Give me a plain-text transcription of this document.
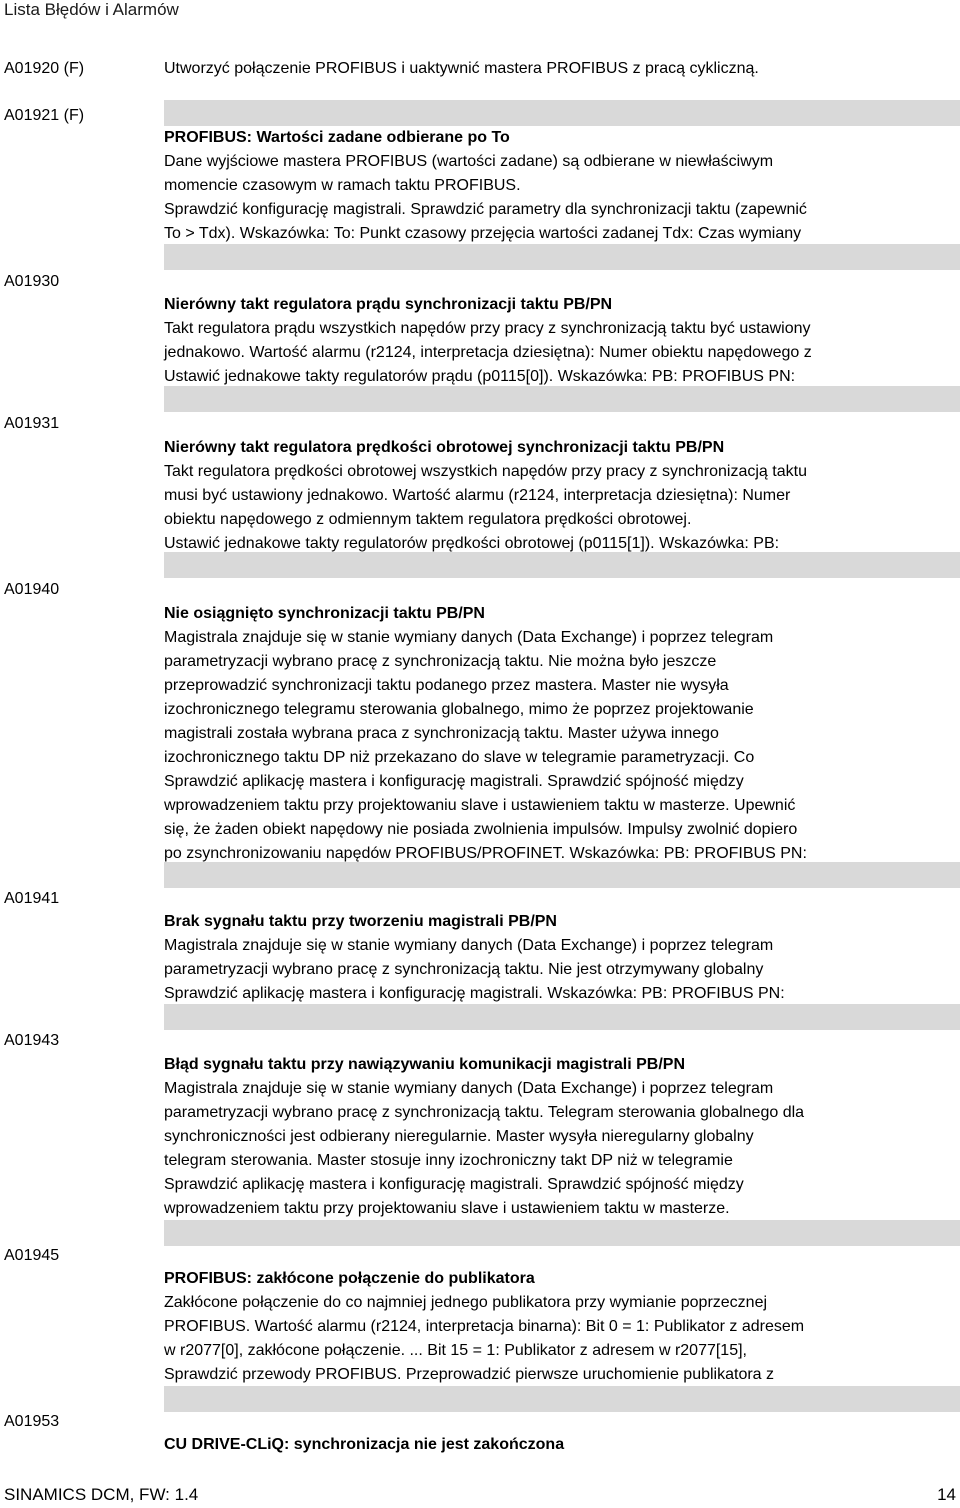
Lista Błędów i Alarmów
A01920 (F)	Utworzyć połączenie PROFIBUS i uaktywnić mastera PROFIBUS z pracą cykliczną.
A01921 (F)
PROFIBUS: Wartości zadane odbierane po To
Dane wyjściowe mastera PROFIBUS (wartości zadane) są odbierane w niewłaściwym
momencie czasowym w ramach taktu PROFIBUS.
Sprawdzić konfigurację magistrali. Sprawdzić parametry dla synchronizacji taktu (zapewnić
To > Tdx). Wskazówka: To: Punkt czasowy przejęcia wartości zadanej Tdx: Czas wymiany
A01930
Nierówny takt regulatora prądu synchronizacji taktu PB/PN
Takt regulatora prądu wszystkich napędów przy pracy z synchronizacją taktu być ustawiony
jednakowo. Wartość alarmu (r2124, interpretacja dziesiętna): Numer obiektu napędowego z
Ustawić jednakowe takty regulatorów prądu (p0115[0]). Wskazówka: PB: PROFIBUS PN:
A01931
Nierówny takt regulatora prędkości obrotowej synchronizacji taktu PB/PN
Takt regulatora prędkości obrotowej wszystkich napędów przy pracy z synchronizacją taktu
musi być ustawiony jednakowo. Wartość alarmu (r2124, interpretacja dziesiętna): Numer
obiektu napędowego z odmiennym taktem regulatora prędkości obrotowej.
Ustawić jednakowe takty regulatorów prędkości obrotowej (p0115[1]). Wskazówka: PB:
A01940
Nie osiągnięto synchronizacji taktu PB/PN
Magistrala znajduje się w stanie wymiany danych (Data Exchange) i poprzez telegram
parametryzacji wybrano pracę z synchronizacją taktu. Nie można było jeszcze
przeprowadzić synchronizacji taktu podanego przez mastera. Master nie wysyła
izochronicznego telegramu sterowania globalnego, mimo że poprzez projektowanie
magistrali została wybrana praca z synchronizacją taktu. Master używa innego
izochronicznego taktu DP niż przekazano do slave w telegramie parametryzacji. Co
Sprawdzić aplikację mastera i konfigurację magistrali. Sprawdzić spójność między
wprowadzeniem taktu przy projektowaniu slave i ustawieniem taktu w masterze. Upewnić
się, że żaden obiekt napędowy nie posiada zwolnienia impulsów. Impulsy zwolnić dopiero
po zsynchronizowaniu napędów PROFIBUS/PROFINET. Wskazówka: PB: PROFIBUS PN:
A01941
Brak sygnału taktu przy tworzeniu magistrali PB/PN
Magistrala znajduje się w stanie wymiany danych (Data Exchange) i poprzez telegram
parametryzacji wybrano pracę z synchronizacją taktu. Nie jest otrzymywany globalny
Sprawdzić aplikację mastera i konfigurację magistrali. Wskazówka: PB: PROFIBUS PN:
A01943
Błąd sygnału taktu przy nawiązywaniu komunikacji magistrali PB/PN
Magistrala znajduje się w stanie wymiany danych (Data Exchange) i poprzez telegram
parametryzacji wybrano pracę z synchronizacją taktu. Telegram sterowania globalnego dla
synchroniczności jest odbierany nieregularnie. Master wysyła nieregularny globalny
telegram sterowania. Master stosuje inny izochroniczny takt DP niż w telegramie
Sprawdzić aplikację mastera i konfigurację magistrali. Sprawdzić spójność między
wprowadzeniem taktu przy projektowaniu slave i ustawieniem taktu w masterze.
A01945
PROFIBUS: zakłócone połączenie do publikatora
Zakłócone połączenie do co najmniej jednego publikatora przy wymianie poprzecznej
PROFIBUS. Wartość alarmu (r2124, interpretacja binarna): Bit 0 = 1: Publikator z adresem
w r2077[0], zakłócone połączenie. ... Bit 15 = 1: Publikator z adresem w r2077[15],
Sprawdzić przewody PROFIBUS. Przeprowadzić pierwsze uruchomienie publikatora z
A01953
CU DRIVE-CLiQ: synchronizacja nie jest zakończona
SINAMICS DCM, FW: 1.4	14
